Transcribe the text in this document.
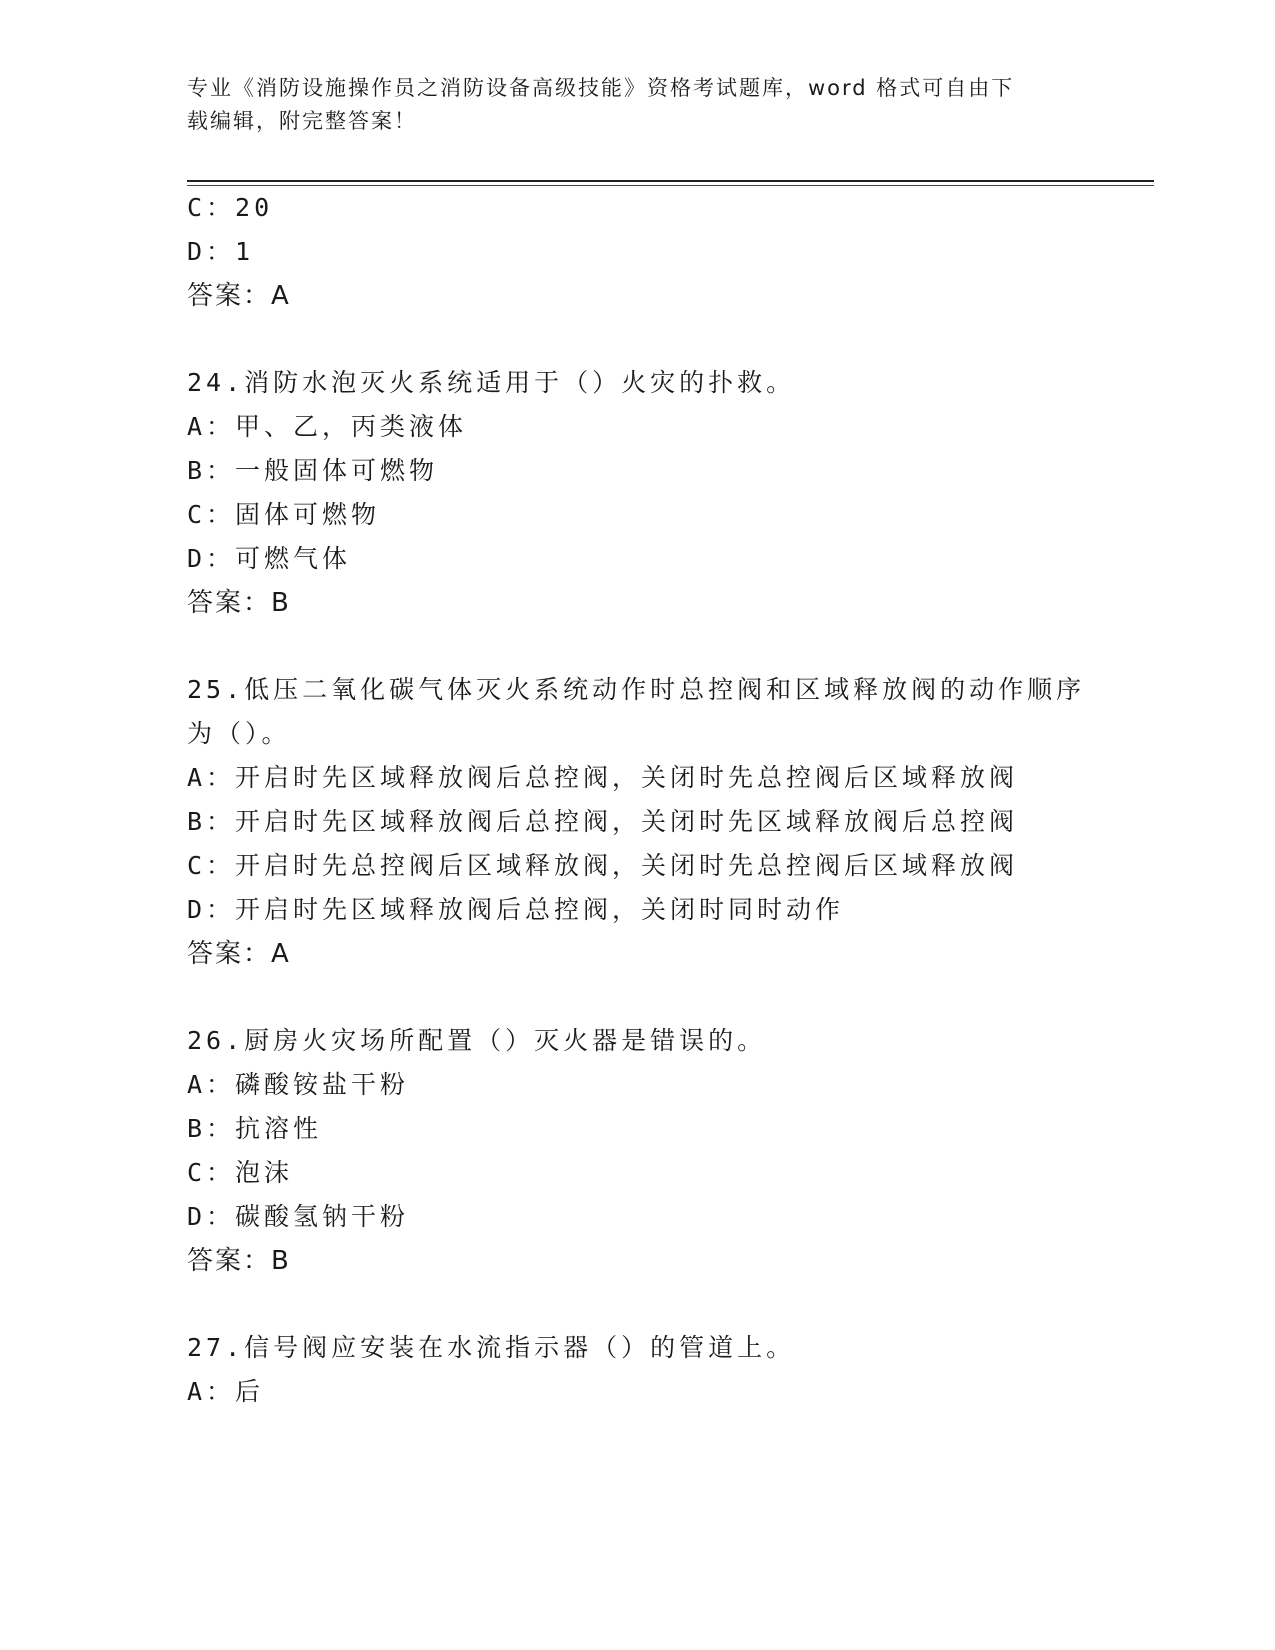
专业《消防设施操作员之消防设备高级技能》资格考试题库，word 格式可自由下
载编辑，附完整答案！
C：20
D：1
答案：A
24.消防水泡灭火系统适用于（）火灾的扑救。
A：甲、乙，丙类液体
B：一般固体可燃物
C：固体可燃物
D：可燃气体
答案：B
25.低压二氧化碳气体灭火系统动作时总控阀和区域释放阀的动作顺序
为（）。
A：开启时先区域释放阀后总控阀，关闭时先总控阀后区域释放阀
B：开启时先区域释放阀后总控阀，关闭时先区域释放阀后总控阀
C：开启时先总控阀后区域释放阀，关闭时先总控阀后区域释放阀
D：开启时先区域释放阀后总控阀，关闭时同时动作
答案：A
26.厨房火灾场所配置（）灭火器是错误的。
A：磷酸铵盐干粉
B：抗溶性
C：泡沫
D：碳酸氢钠干粉
答案：B
27.信号阀应安装在水流指示器（）的管道上。
A：后
